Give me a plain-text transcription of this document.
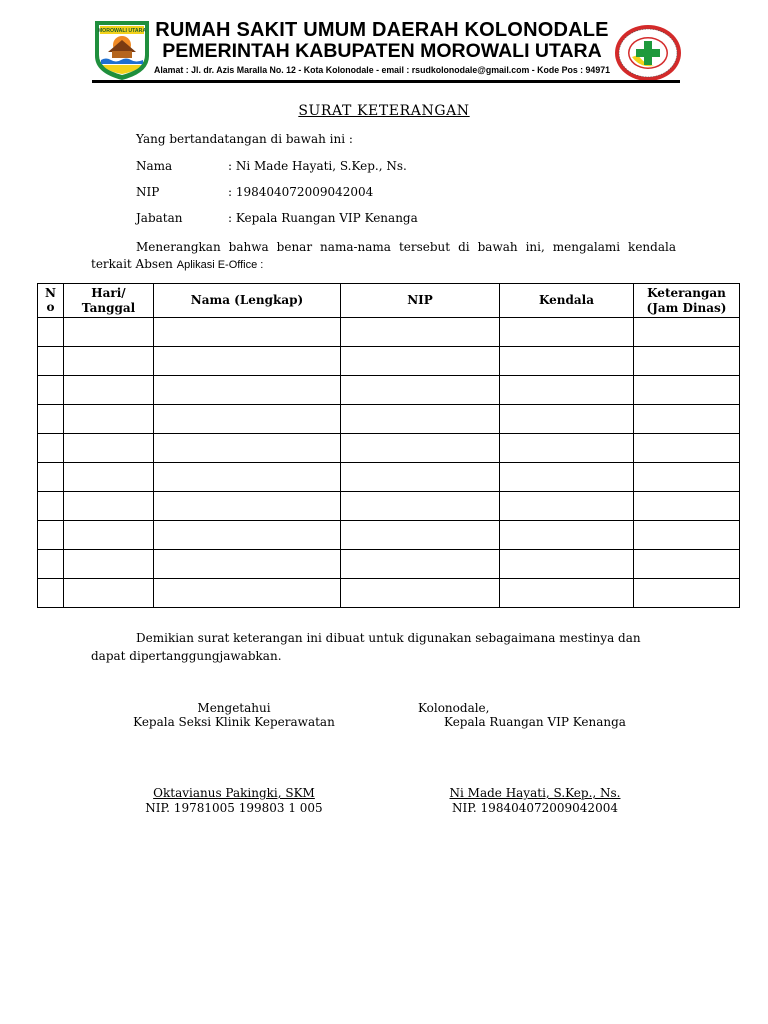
MOROWALI UTARA RUMAH SAKIT UMUM DAERAH KOLONODALE
PEMERINTAH KABUPATEN MOROWALI UTARA
Alamat : Jl. dr. Azis Maralla No. 12 - Kota Kolonodale - email : rsudkolonodale@gmail.com - Kode Pos : 94971
SURAT KETERANGAN
Yang bertandatangan di bawah ini :
Nama	: Ni Made Hayati, S.Kep., Ns.
NIP	: 198404072009042004
Jabatan	: Kepala Ruangan VIP Kenanga
Menerangkan bahwa benar nama-nama tersebut di bawah ini, mengalami kendala
terkait Absen Aplikasi E-Office :
No	Hari/ Tanggal	Nama (Lengkap)	NIP	Kendala	Keterangan (Jam Dinas)

Demikian surat keterangan ini dibuat untuk digunakan sebagaimana mestinya dan
dapat dipertanggungjawabkan.
Mengetahui
Kepala Seksi Klinik Keperawatan
Oktavianus Pakingki, SKM
NIP. 19781005 199803 1 005
Kolonodale,
Kepala Ruangan VIP Kenanga
Ni Made Hayati, S.Kep., Ns.
NIP. 198404072009042004
